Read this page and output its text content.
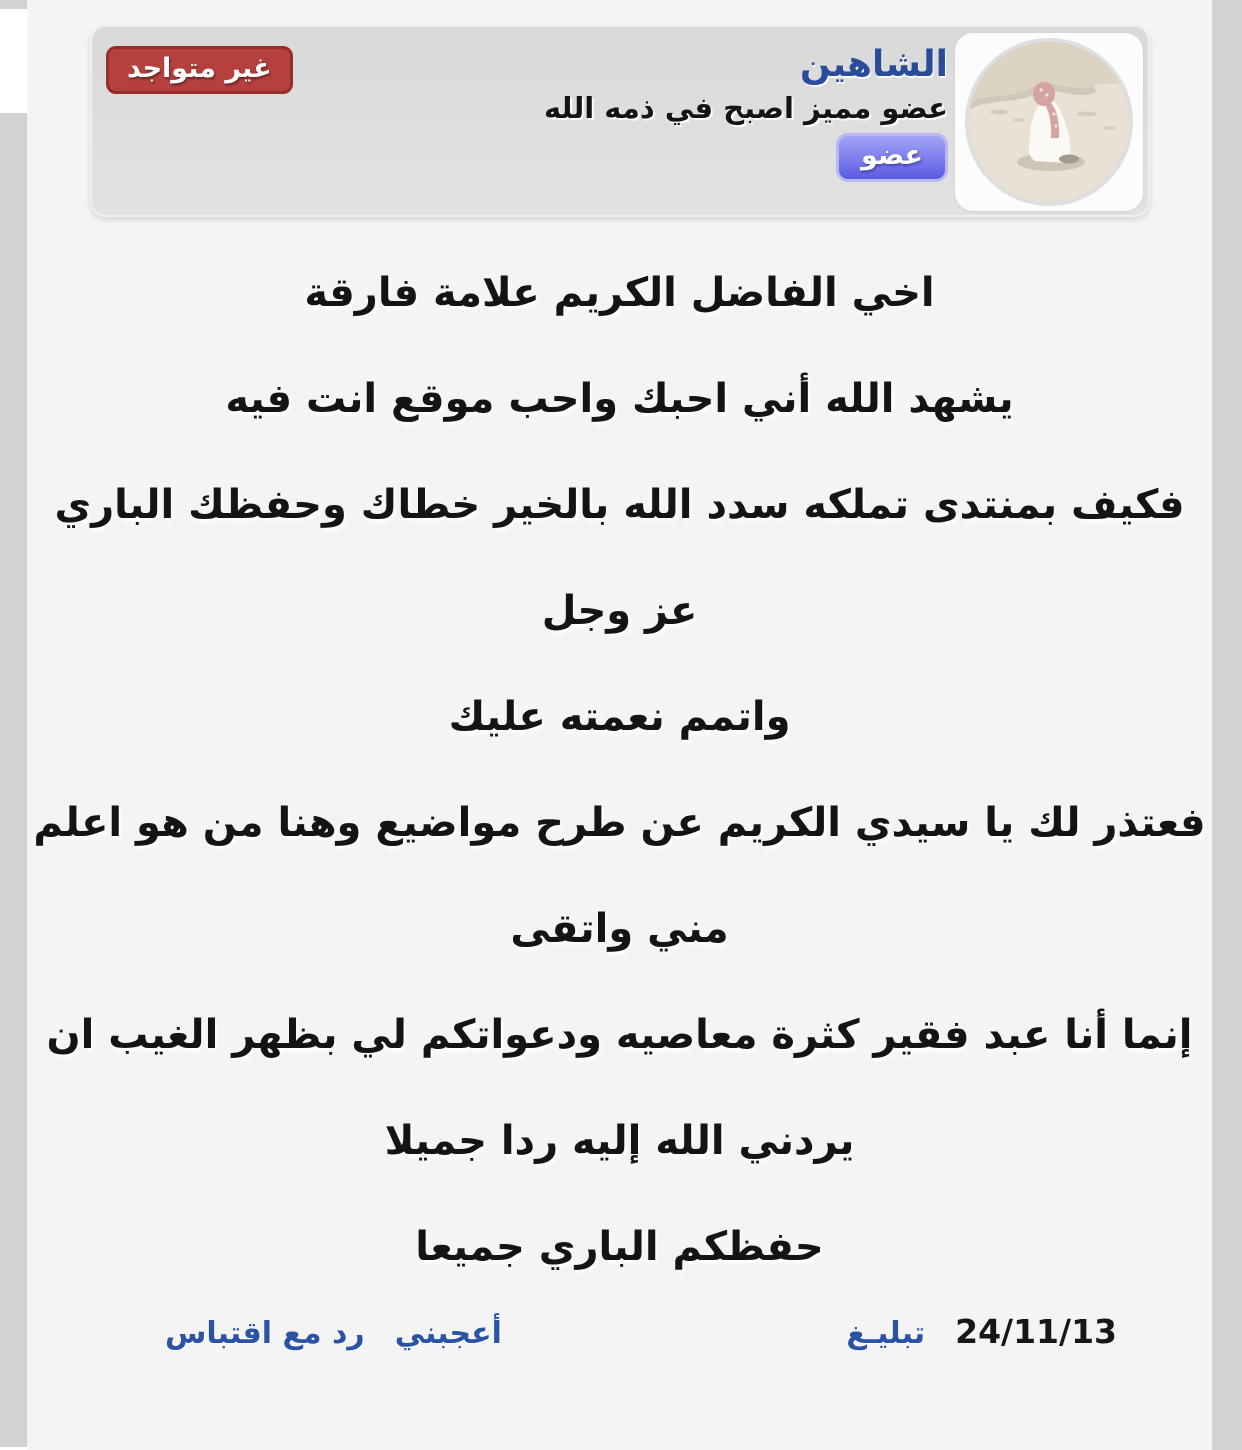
غير متواجد	الشاهين
عضو مميز اصبح في ذمه الله
عضو
اخي الفاضل الكريم علامة فارقة
يشهد الله أني احبك واحب موقع انت فيه
فكيف بمنتدى تملكه سدد الله بالخير خطاك وحفظك الباري
عز وجل
واتمم نعمته عليك
فعتذر لك يا سيدي الكريم عن طرح مواضيع وهنا من هو اعلم
مني واتقى
إنما أنا عبد فقير كثرة معاصيه ودعواتكم لي بظهر الغيب ان
يردني الله إليه ردا جميلا
حفظكم الباري جميعا
24/11/13
تبليـغ
أعجبني
رد مع اقتباس
